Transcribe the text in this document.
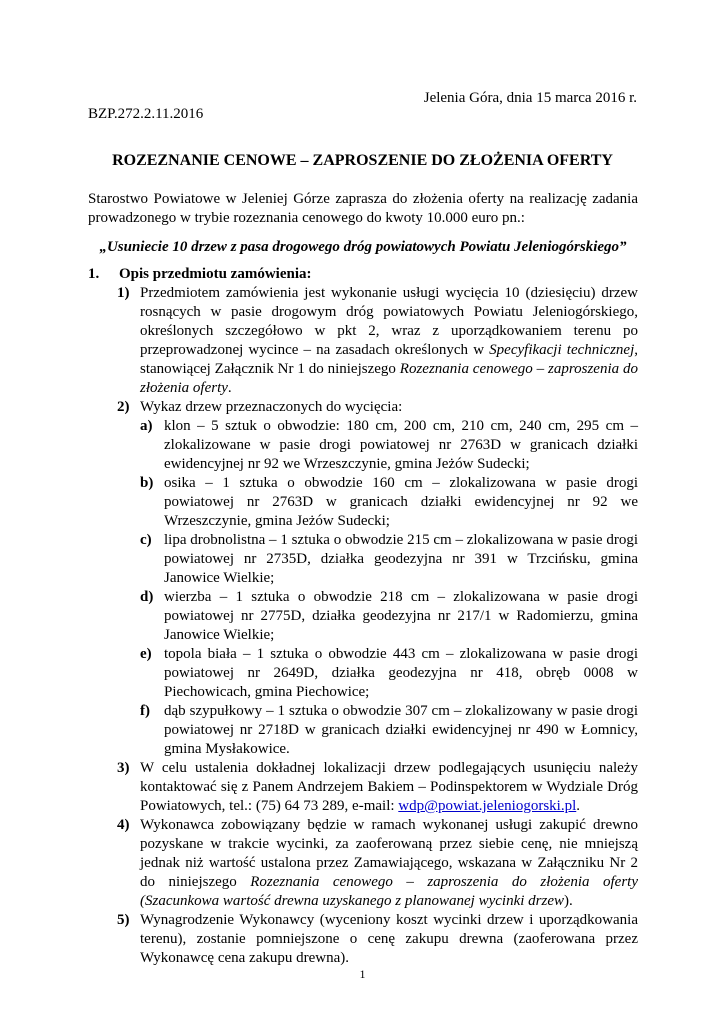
Jelenia Góra, dnia 15 marca 2016 r.
BZP.272.2.11.2016
ROZEZNANIE CENOWE – ZAPROSZENIE DO ZŁOŻENIA OFERTY
Starostwo Powiatowe w Jeleniej Górze zaprasza do złożenia oferty na realizację zadania prowadzonego w trybie rozeznania cenowego do kwoty 10.000 euro pn.:
„Usuniecie 10 drzew z pasa drogowego dróg powiatowych Powiatu Jeleniogórskiego”
1.	Opis przedmiotu zamówienia:
1) Przedmiotem zamówienia jest wykonanie usługi wycięcia 10 (dziesięciu) drzew rosnących w pasie drogowym dróg powiatowych Powiatu Jeleniogórskiego, określonych szczegółowo w pkt 2, wraz z uporządkowaniem terenu po przeprowadzonej wycince – na zasadach określonych w Specyfikacji technicznej, stanowiącej Załącznik Nr 1 do niniejszego Rozeznania cenowego – zaproszenia do złożenia oferty.
2) Wykaz drzew przeznaczonych do wycięcia:
a) klon – 5 sztuk o obwodzie: 180 cm, 200 cm, 210 cm, 240 cm, 295 cm – zlokalizowane w pasie drogi powiatowej nr 2763D w granicach działki ewidencyjnej nr 92 we Wrzeszczynie, gmina Jeżów Sudecki;
b) osika – 1 sztuka o obwodzie 160 cm – zlokalizowana w pasie drogi powiatowej nr 2763D w granicach działki ewidencyjnej nr 92 we Wrzeszczynie, gmina Jeżów Sudecki;
c) lipa drobnolistna – 1 sztuka o obwodzie 215 cm – zlokalizowana w pasie drogi powiatowej nr 2735D, działka geodezyjna nr 391 w Trzcińsku, gmina Janowice Wielkie;
d) wierzba – 1 sztuka o obwodzie 218 cm – zlokalizowana w pasie drogi powiatowej nr 2775D, działka geodezyjna nr 217/1 w Radomierzu, gmina Janowice Wielkie;
e) topola biała – 1 sztuka o obwodzie 443 cm – zlokalizowana w pasie drogi powiatowej nr 2649D, działka geodezyjna nr 418, obręb 0008 w Piechowicach, gmina Piechowice;
f) dąb szypułkowy – 1 sztuka o obwodzie 307 cm – zlokalizowany w pasie drogi powiatowej nr 2718D w granicach działki ewidencyjnej nr 490 w Łomnicy, gmina Mysłakowice.
3) W celu ustalenia dokładnej lokalizacji drzew podlegających usunięciu należy kontaktować się z Panem Andrzejem Bakiem – Podinspektorem w Wydziale Dróg Powiatowych, tel.: (75) 64 73 289, e-mail: wdp@powiat.jeleniogorski.pl.
4) Wykonawca zobowiązany będzie w ramach wykonanej usługi zakupić drewno pozyskane w trakcie wycinki, za zaoferowaną przez siebie cenę, nie mniejszą jednak niż wartość ustalona przez Zamawiającego, wskazana w Załączniku Nr 2 do niniejszego Rozeznania cenowego – zaproszenia do złożenia oferty (Szacunkowa wartość drewna uzyskanego z planowanej wycinki drzew).
5) Wynagrodzenie Wykonawcy (wyceniony koszt wycinki drzew i uporządkowania terenu), zostanie pomniejszone o cenę zakupu drewna (zaoferowana przez Wykonawcę cena zakupu drewna).
1
